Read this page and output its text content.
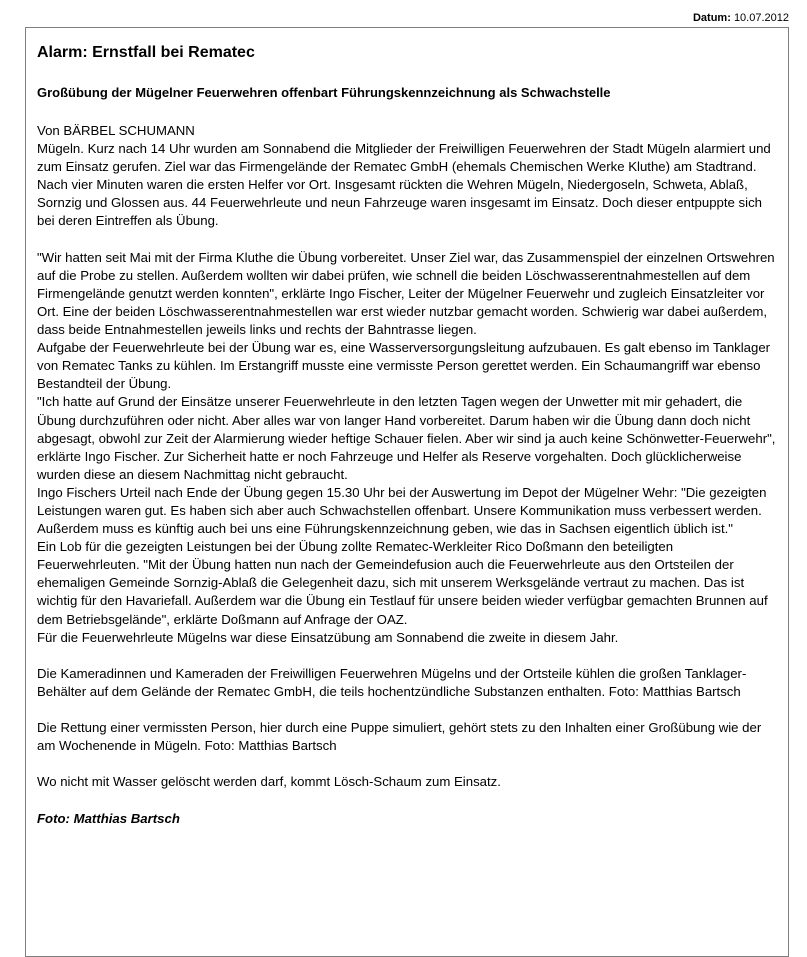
Datum: 10.07.2012
Alarm: Ernstfall bei Rematec
Großübung der Mügelner Feuerwehren offenbart Führungskennzeichnung als Schwachstelle

Von BÄRBEL SCHUMANN

Mügeln. Kurz nach 14 Uhr wurden am Sonnabend die Mitglieder der Freiwilligen Feuerwehren der Stadt Mügeln alarmiert und zum Einsatz gerufen. Ziel war das Firmengelände der Rematec GmbH (ehemals Chemischen Werke Kluthe) am Stadtrand. Nach vier Minuten waren die ersten Helfer vor Ort. Insgesamt rückten die Wehren Mügeln, Niedergoseln, Schweta, Ablaß, Sornzig und Glossen aus. 44 Feuerwehrleute und neun Fahrzeuge waren insgesamt im Einsatz. Doch dieser entpuppte sich bei deren Eintreffen als Übung.

"Wir hatten seit Mai mit der Firma Kluthe die Übung vorbereitet. Unser Ziel war, das Zusammenspiel der einzelnen Ortswehren auf die Probe zu stellen. Außerdem wollten wir dabei prüfen, wie schnell die beiden Löschwasserentnahmestellen auf dem Firmengelände genutzt werden konnten", erklärte Ingo Fischer, Leiter der Mügelner Feuerwehr und zugleich Einsatzleiter vor Ort. Eine der beiden Löschwasserentnahmestellen war erst wieder nutzbar gemacht worden. Schwierig war dabei außerdem, dass beide Entnahmestellen jeweils links und rechts der Bahntrasse liegen.

Aufgabe der Feuerwehrleute bei der Übung war es, eine Wasserversorgungsleitung aufzubauen. Es galt ebenso im Tanklager von Rematec Tanks zu kühlen. Im Erstangriff musste eine vermisste Person gerettet werden. Ein Schaumangriff war ebenso Bestandteil der Übung.

"Ich hatte auf Grund der Einsätze unserer Feuerwehrleute in den letzten Tagen wegen der Unwetter mit mir gehadert, die Übung durchzuführen oder nicht. Aber alles war von langer Hand vorbereitet. Darum haben wir die Übung dann doch nicht abgesagt, obwohl zur Zeit der Alarmierung wieder heftige Schauer fielen. Aber wir sind ja auch keine Schönwetter-Feuerwehr", erklärte Ingo Fischer. Zur Sicherheit hatte er noch Fahrzeuge und Helfer als Reserve vorgehalten. Doch glücklicherweise wurden diese an diesem Nachmittag nicht gebraucht.

Ingo Fischers Urteil nach Ende der Übung gegen 15.30 Uhr bei der Auswertung im Depot der Mügelner Wehr: "Die gezeigten Leistungen waren gut. Es haben sich aber auch Schwachstellen offenbart. Unsere Kommunikation muss verbessert werden. Außerdem muss es künftig auch bei uns eine Führungskennzeichnung geben, wie das in Sachsen eigentlich üblich ist."

Ein Lob für die gezeigten Leistungen bei der Übung zollte Rematec-Werkleiter Rico Doßmann den beteiligten Feuerwehrleuten. "Mit der Übung hatten nun nach der Gemeindefusion auch die Feuerwehrleute aus den Ortsteilen der ehemaligen Gemeinde Sornzig-Ablaß die Gelegenheit dazu, sich mit unserem Werksgelände vertraut zu machen. Das ist wichtig für den Havariefall. Außerdem war die Übung ein Testlauf für unsere beiden wieder verfügbar gemachten Brunnen auf dem Betriebsgelände", erklärte Doßmann auf Anfrage der OAZ.

Für die Feuerwehrleute Mügelns war diese Einsatzübung am Sonnabend die zweite in diesem Jahr.

Die Kameradinnen und Kameraden der Freiwilligen Feuerwehren Mügelns und der Ortsteile kühlen die großen Tanklager-Behälter auf dem Gelände der Rematec GmbH, die teils hochentzündliche Substanzen enthalten. Foto: Matthias Bartsch

Die Rettung einer vermissten Person, hier durch eine Puppe simuliert, gehört stets zu den Inhalten einer Großübung wie der am Wochenende in Mügeln. Foto: Matthias Bartsch

Wo nicht mit Wasser gelöscht werden darf, kommt Lösch-Schaum zum Einsatz.

Foto: Matthias Bartsch
